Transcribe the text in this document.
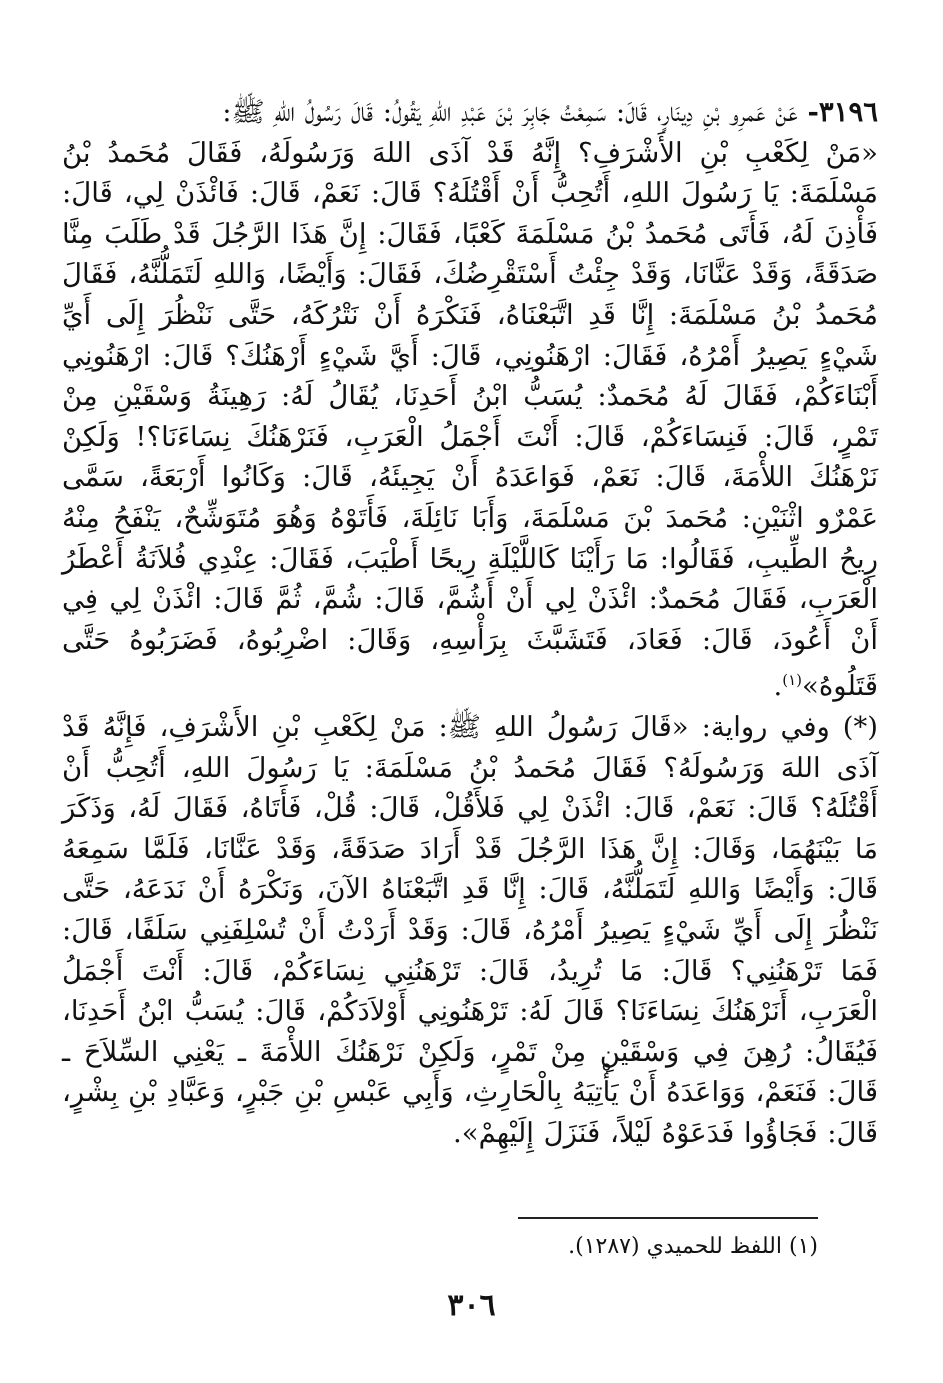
٣١٩٦- عَنْ عَمرِو بْنِ دِينَارٍ، قَالَ: سَمِعْتُ جَابِرَ بْنَ عَبْدِ اللهِ يَقُولُ: قَالَ رَسُولُ اللهِ ﷺ:

«مَنْ لِكَعْبِ بْنِ الأَشْرَفِ؟ إِنَّهُ قَدْ آذَى اللهَ وَرَسُولَهُ، فَقَالَ مُحَمدُ بْنُ مَسْلَمَةَ: يَا رَسُولَ اللهِ، أَتُحِبُّ أَنْ أَقْتُلَهُ؟ قَالَ: نَعَمْ، قَالَ: فَائْذَنْ لِي، قَالَ: فَأْذِنَ لَهُ، فَأَتَى مُحَمدُ بْنُ مَسْلَمَةَ كَعْبًا، فَقَالَ: إِنَّ هَذَا الرَّجُلَ قَدْ طَلَبَ مِنَّا صَدَقَةً، وَقَدْ عَنَّانَا، وَقَدْ جِئْتُ أَسْتَقْرِضُكَ، فَقَالَ: وَأَيْضًا، وَاللهِ لَتَمَلُّنَّهُ، فَقَالَ مُحَمدُ بْنُ مَسْلَمَةَ: إِنَّا قَدِ اتَّبَعْنَاهُ، فَنَكْرَهُ أَنْ نَتْرُكَهُ، حَتَّى نَنْظُرَ إِلَى أَيِّ شَيْءٍ يَصِيرُ أَمْرُهُ، فَقَالَ: ارْهَنُونِي، قَالَ: أَيَّ شَيْءٍ أَرْهَنُكَ؟ قَالَ: ارْهَنُونِي أَبْنَاءَكُمْ، فَقَالَ لَهُ مُحَمدٌ: يُسَبُّ ابْنُ أَحَدِنَا، يُقَالُ لَهُ: رَهِينَةُ وَسْقَيْنِ مِنْ تَمْرٍ، قَالَ: فَنِسَاءَكُمْ، قَالَ: أَنْتَ أَجْمَلُ الْعَرَبِ، فَنَرْهَنُكَ نِسَاءَنَا؟! وَلَكِنْ نَرْهَنُكَ اللأْمَةَ، قَالَ: نَعَمْ، فَوَاعَدَهُ أَنْ يَجِيئَهُ، قَالَ: وَكَانُوا أَرْبَعَةً، سَمَّى عَمْرٌو اثْنَيْنِ: مُحَمدَ بْنَ مَسْلَمَةَ، وَأَبَا نَائِلَةَ، فَأَتَوْهُ وَهُوَ مُتَوَشِّحٌ، يَنْفَحُ مِنْهُ رِيحُ الطِّيبِ، فَقَالُوا: مَا رَأَيْنَا كَاللَّيْلَةِ رِيحًا أَطْيَبَ، فَقَالَ: عِنْدِي فُلاَنَةُ أَعْطَرُ الْعَرَبِ، فَقَالَ مُحَمدٌ: ائْذَنْ لِي أَنْ أَشُمَّ، قَالَ: شُمَّ، ثُمَّ قَالَ: ائْذَنْ لِي فِي أَنْ أَعُودَ، قَالَ: فَعَادَ، فَتَشَبَّثَ بِرَأْسِهِ، وَقَالَ: اضْرِبُوهُ، فَضَرَبُوهُ حَتَّى قَتَلُوهُ»$^{(١)}$.

(*) وفي رواية: «قَالَ رَسُولُ اللهِ ﷺ: مَنْ لِكَعْبِ بْنِ الأَشْرَفِ، فَإِنَّهُ قَدْ آذَى اللهَ وَرَسُولَهُ؟ فَقَالَ مُحَمدُ بْنُ مَسْلَمَةَ: يَا رَسُولَ اللهِ، أَتُحِبُّ أَنْ أَقْتُلَهُ؟ قَالَ: نَعَمْ، قَالَ: ائْذَنْ لِي فَلأَقُلْ، قَالَ: قُلْ، فَأَتَاهُ، فَقَالَ لَهُ، وَذَكَرَ مَا بَيْنَهُمَا، وَقَالَ: إِنَّ هَذَا الرَّجُلَ قَدْ أَرَادَ صَدَقَةً، وَقَدْ عَنَّانَا، فَلَمَّا سَمِعَهُ قَالَ: وَأَيْضًا وَاللهِ لَتَمَلُّنَّهُ، قَالَ: إِنَّا قَدِ اتَّبَعْنَاهُ الآنَ، وَنَكْرَهُ أَنْ نَدَعَهُ، حَتَّى نَنْظُرَ إِلَى أَيِّ شَيْءٍ يَصِيرُ أَمْرُهُ، قَالَ: وَقَدْ أَرَدْتُ أَنْ تُسْلِفَنِي سَلَفًا، قَالَ: فَمَا تَرْهَنُنِي؟ قَالَ: مَا تُرِيدُ، قَالَ: تَرْهَنُنِي نِسَاءَكُمْ، قَالَ: أَنْتَ أَجْمَلُ الْعَرَبِ، أَنَرْهَنُكَ نِسَاءَنَا؟ قَالَ لَهُ: تَرْهَنُونِي أَوْلاَدَكُمْ، قَالَ: يُسَبُّ ابْنُ أَحَدِنَا، فَيُقَالُ: رُهِنَ فِي وَسْقَيْنِ مِنْ تَمْرٍ، وَلَكِنْ نَرْهَنُكَ اللأْمَةَ ـ يَعْنِي السِّلاَحَ ـ قَالَ: فَنَعَمْ، وَوَاعَدَهُ أَنْ يَأْتِيَهُ بِالْحَارِثِ، وَأَبِي عَبْسِ بْنِ جَبْرٍ، وَعَبَّادِ بْنِ بِشْرٍ، قَالَ: فَجَاؤُوا فَدَعَوْهُ لَيْلاً، فَنَزَلَ إِلَيْهِمْ».

(١) اللفظ للحميدي (١٢٨٧).
٣٠٦
